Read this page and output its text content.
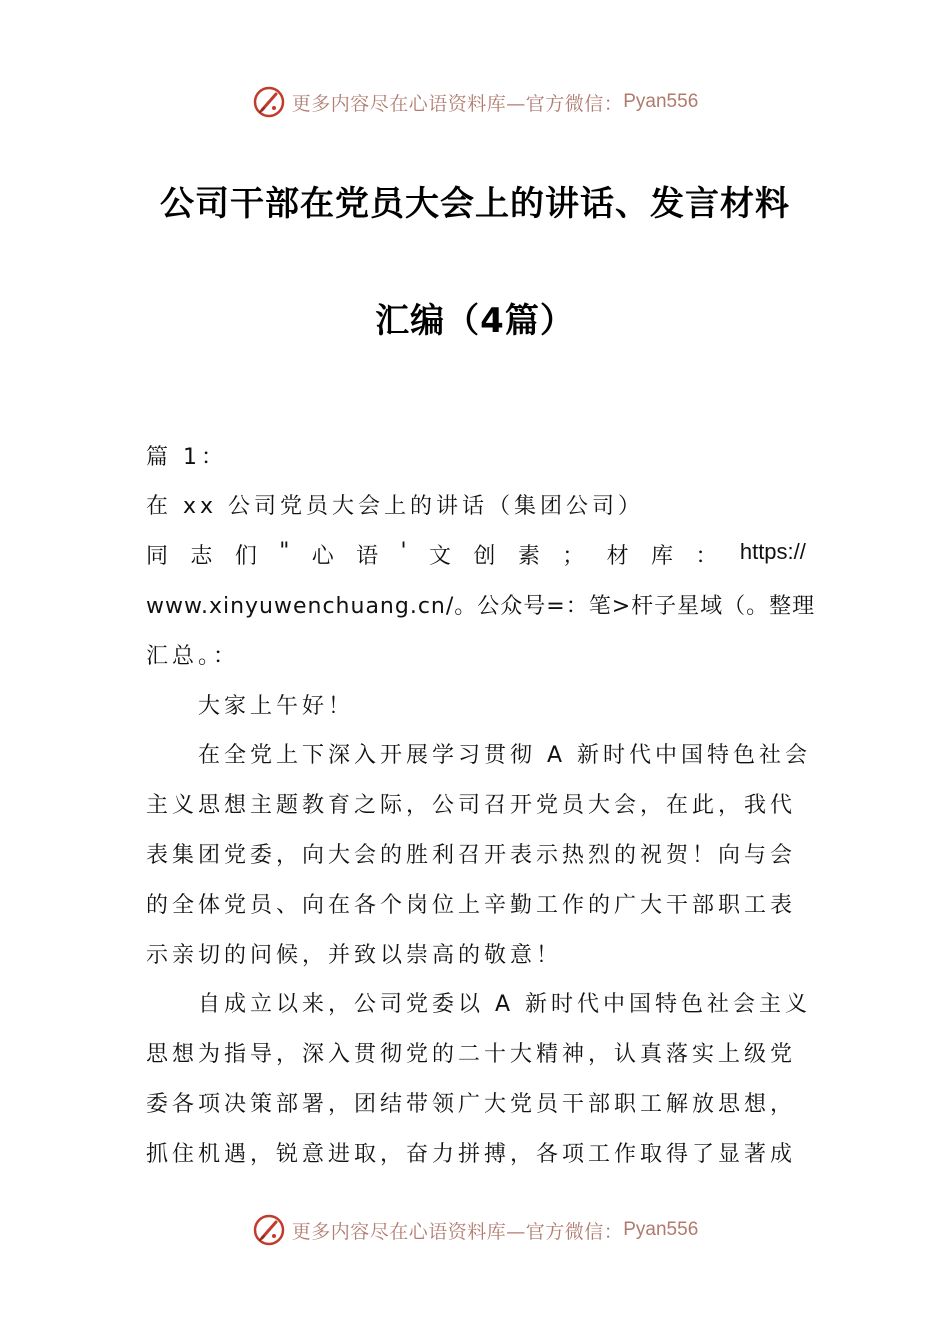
更多内容尽在心语资料库—官方微信： Pyan556
公司干部在党员大会上的讲话、发言材料
汇编（4篇）
篇 1：
在 xx 公司党员大会上的讲话（集团公司）
同 志 们 " 心 语 ' 文 创 素 ； 材 库 ： https://
www.xinyuwenchuang.cn/。公众号=：笔>杆子星域（。整理
汇总。：
大家上午好！
在全党上下深入开展学习贯彻 A 新时代中国特色社会
主义思想主题教育之际，公司召开党员大会，在此，我代
表集团党委，向大会的胜利召开表示热烈的祝贺！向与会
的全体党员、向在各个岗位上辛勤工作的广大干部职工表
示亲切的问候，并致以崇高的敬意！
自成立以来，公司党委以 A 新时代中国特色社会主义
思想为指导，深入贯彻党的二十大精神，认真落实上级党
委各项决策部署，团结带领广大党员干部职工解放思想，
抓住机遇，锐意进取，奋力拼搏，各项工作取得了显著成
更多内容尽在心语资料库—官方微信： Pyan556
